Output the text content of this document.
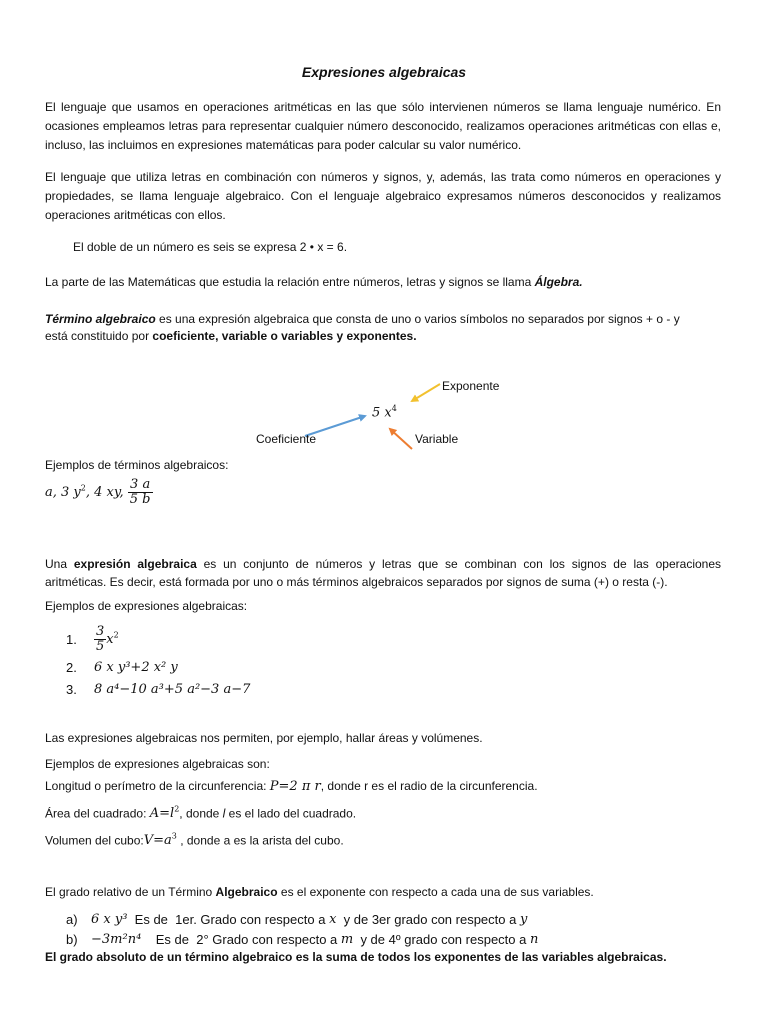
Expresiones algebraicas
El lenguaje que usamos en operaciones aritméticas en las que sólo intervienen números se llama lenguaje numérico. En ocasiones empleamos letras para representar cualquier número desconocido, realizamos operaciones aritméticas con ellas e, incluso, las incluimos en expresiones matemáticas para poder calcular su valor numérico.
El lenguaje que utiliza letras en combinación con números y signos, y, además, las trata como números en operaciones y propiedades, se llama lenguaje algebraico. Con el lenguaje algebraico expresamos números desconocidos y realizamos operaciones aritméticas con ellos.
El doble de un número es seis se expresa 2 • x = 6.
La parte de las Matemáticas que estudia la relación entre números, letras y signos se llama Álgebra.
Término algebraico es una expresión algebraica que consta de uno o varios símbolos no separados por signos + o - y
está constituido por coeficiente, variable o variables y exponentes.
5 $x^4$
Exponente
Coeficiente	Variable
Ejemplos de términos algebraicos:
a, 3 $y^2$, 4 xy, $\frac{3 a}{5 b}$
Una expresión algebraica es un conjunto de números y letras que se combinan con los signos de las operaciones aritméticas. Es decir, está formada por uno o más términos algebraicos separados por signos de suma (+) o resta (-).
Ejemplos de expresiones algebraicas:
1.	$\frac{3}{5} x^2$
2.	6 x y³+2 x² y
3.	8 a⁴−10 a³+5 a²−3 a−7
Las expresiones algebraicas nos permiten, por ejemplo, hallar áreas y volúmenes.
Ejemplos de expresiones algebraicas son:
Longitud o perímetro de la circunferencia: P=2 π r, donde r es el radio de la circunferencia.
Área del cuadrado: $A=l^2$, donde l es el lado del cuadrado.
Volumen del $cubo:V=a^3$ , donde a es la arista del cubo.
El grado relativo de un Término Algebraico es el exponente con respecto a cada una de sus variables.
a)	6 x y³ Es de  1er. Grado con respecto a x y de 3er grado con respecto a y
b)	−3m²n⁴ Es de  2° Grado con respecto a m y de 4º grado con respecto a n
El grado absoluto de un término algebraico es la suma de todos los exponentes de las variables algebraicas.
